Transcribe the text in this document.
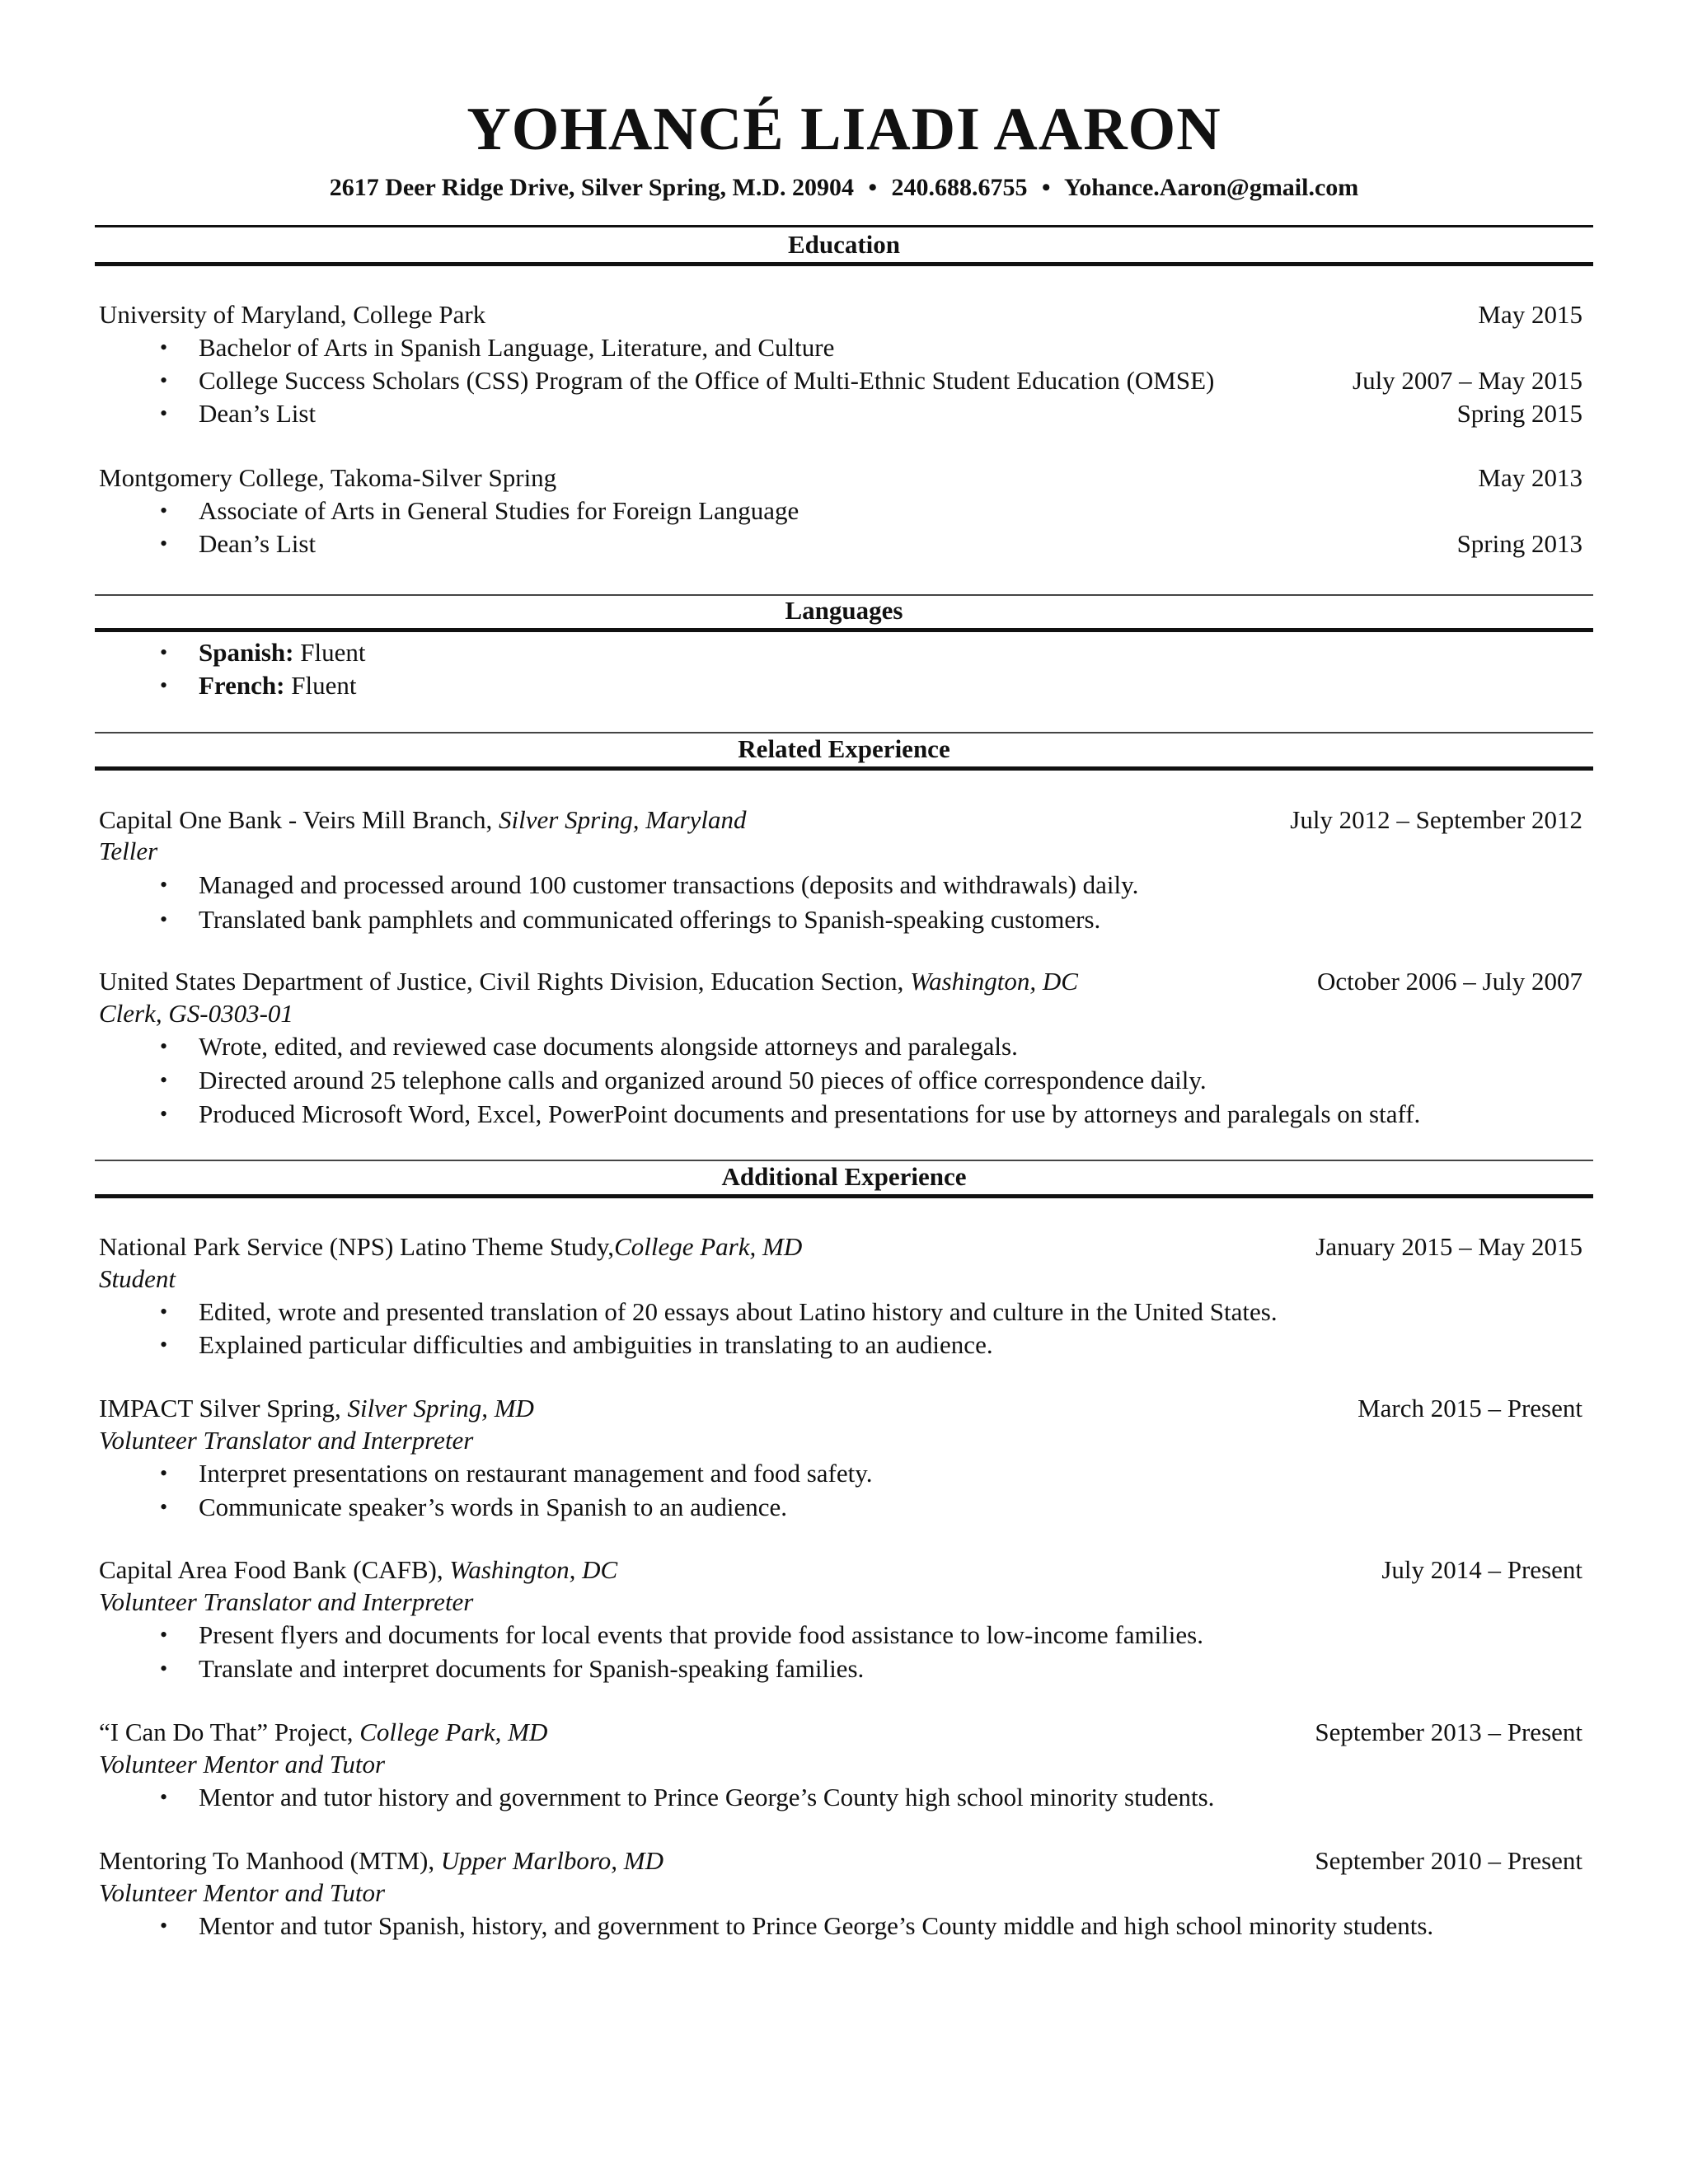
YOHANCÉ LIADI AARON
2617 Deer Ridge Drive, Silver Spring, M.D. 20904 • 240.688.6755 • Yohance.Aaron@gmail.com
Education
University of Maryland, College Park	May 2015
• Bachelor of Arts in Spanish Language, Literature, and Culture
• College Success Scholars (CSS) Program of the Office of Multi-Ethnic Student Education (OMSE)	July 2007 – May 2015
• Dean’s List	Spring 2015
Montgomery College, Takoma-Silver Spring	May 2013
• Associate of Arts in General Studies for Foreign Language
• Dean’s List	Spring 2013
Languages
• Spanish: Fluent
• French: Fluent
Related Experience
Capital One Bank - Veirs Mill Branch, Silver Spring, Maryland	July 2012 – September 2012
Teller
• Managed and processed around 100 customer transactions (deposits and withdrawals) daily.
• Translated bank pamphlets and communicated offerings to Spanish-speaking customers.
United States Department of Justice, Civil Rights Division, Education Section, Washington, DC	October 2006 – July 2007
Clerk, GS-0303-01
• Wrote, edited, and reviewed case documents alongside attorneys and paralegals.
• Directed around 25 telephone calls and organized around 50 pieces of office correspondence daily.
• Produced Microsoft Word, Excel, PowerPoint documents and presentations for use by attorneys and paralegals on staff.
Additional Experience
National Park Service (NPS) Latino Theme Study,College Park, MD	January 2015 – May 2015
Student
• Edited, wrote and presented translation of 20 essays about Latino history and culture in the United States.
• Explained particular difficulties and ambiguities in translating to an audience.
IMPACT Silver Spring, Silver Spring, MD	March 2015 – Present
Volunteer Translator and Interpreter
• Interpret presentations on restaurant management and food safety.
• Communicate speaker’s words in Spanish to an audience.
Capital Area Food Bank (CAFB), Washington, DC	July 2014 – Present
Volunteer Translator and Interpreter
• Present flyers and documents for local events that provide food assistance to low-income families.
• Translate and interpret documents for Spanish-speaking families.
“I Can Do That” Project, College Park, MD	September 2013 – Present
Volunteer Mentor and Tutor
• Mentor and tutor history and government to Prince George’s County high school minority students.
Mentoring To Manhood (MTM), Upper Marlboro, MD	September 2010 – Present
Volunteer Mentor and Tutor
• Mentor and tutor Spanish, history, and government to Prince George’s County middle and high school minority students.
